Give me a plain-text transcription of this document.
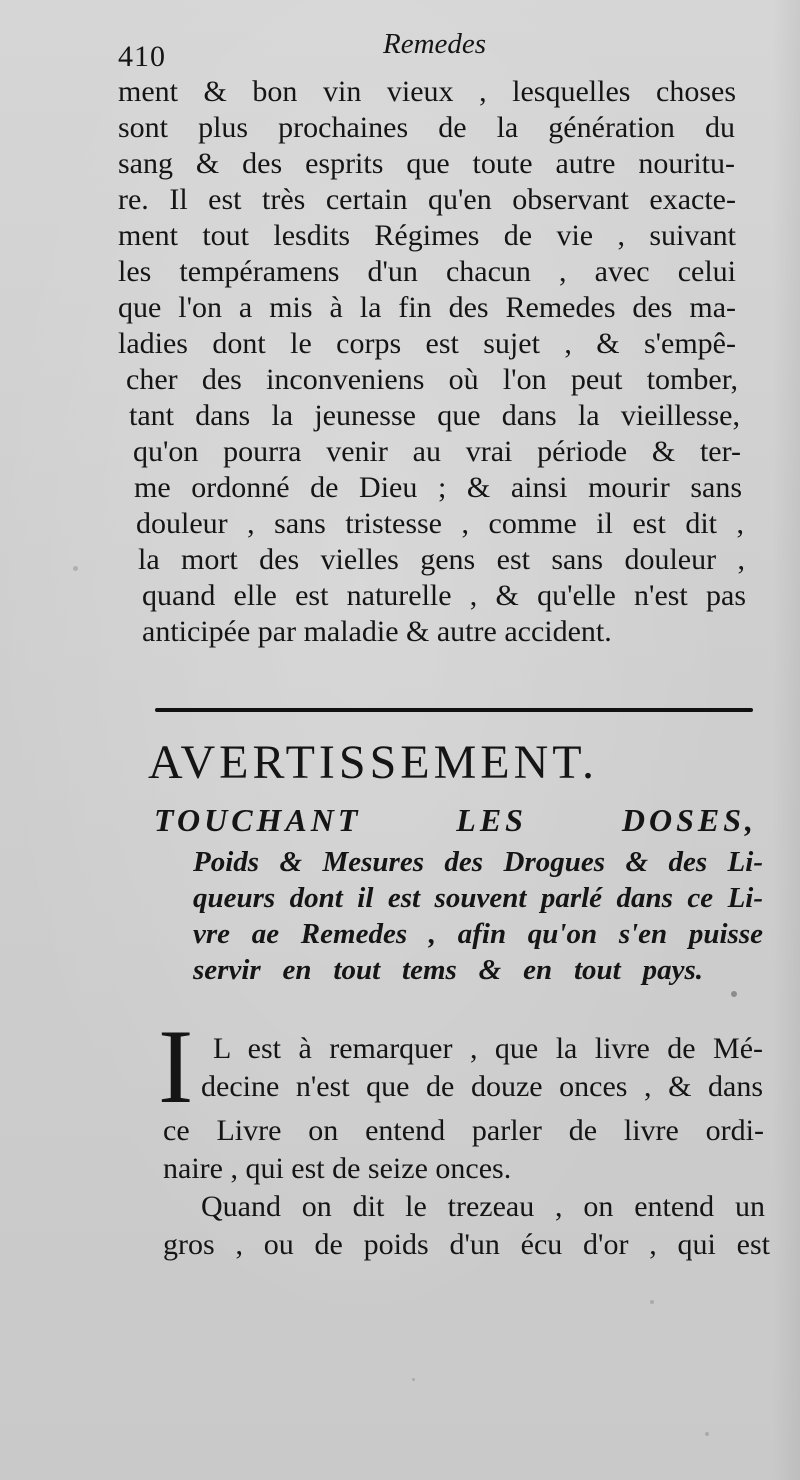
410	Remedes
ment & bon vin vieux , lesquelles choses
sont plus prochaines de la génération du
sang & des esprits que toute autre nouritu-
re. Il est très certain qu'en observant exacte-
ment tout lesdits Régimes de vie , suivant
les tempéramens d'un chacun , avec celui
que l'on a mis à la fin des Remedes des ma-
ladies dont le corps est sujet , & s'empê-
cher des inconveniens où l'on peut tomber,
tant dans la jeunesse que dans la vieillesse,
qu'on pourra venir au vrai période & ter-
me ordonné de Dieu ; & ainsi mourir sans
douleur , sans tristesse , comme il est dit ,
la mort des vielles gens est sans douleur ,
quand elle est naturelle , & qu'elle n'est pas
anticipée par maladie & autre accident.
AVERTISSEMENT.
TOUCHANT LES DOSES,
Poids & Mesures des Drogues & des Li-
queurs dont il est souvent parlé dans ce Li-
vre ae Remedes , afin qu'on s'en puisse
servir en tout tems & en tout pays.
I L est à remarquer , que la livre de Mé-
decine n'est que de douze onces , & dans
ce Livre on entend parler de livre ordi-
naire , qui est de seize onces.
Quand on dit le trezeau , on entend un
gros , ou de poids d'un écu d'or , qui est
